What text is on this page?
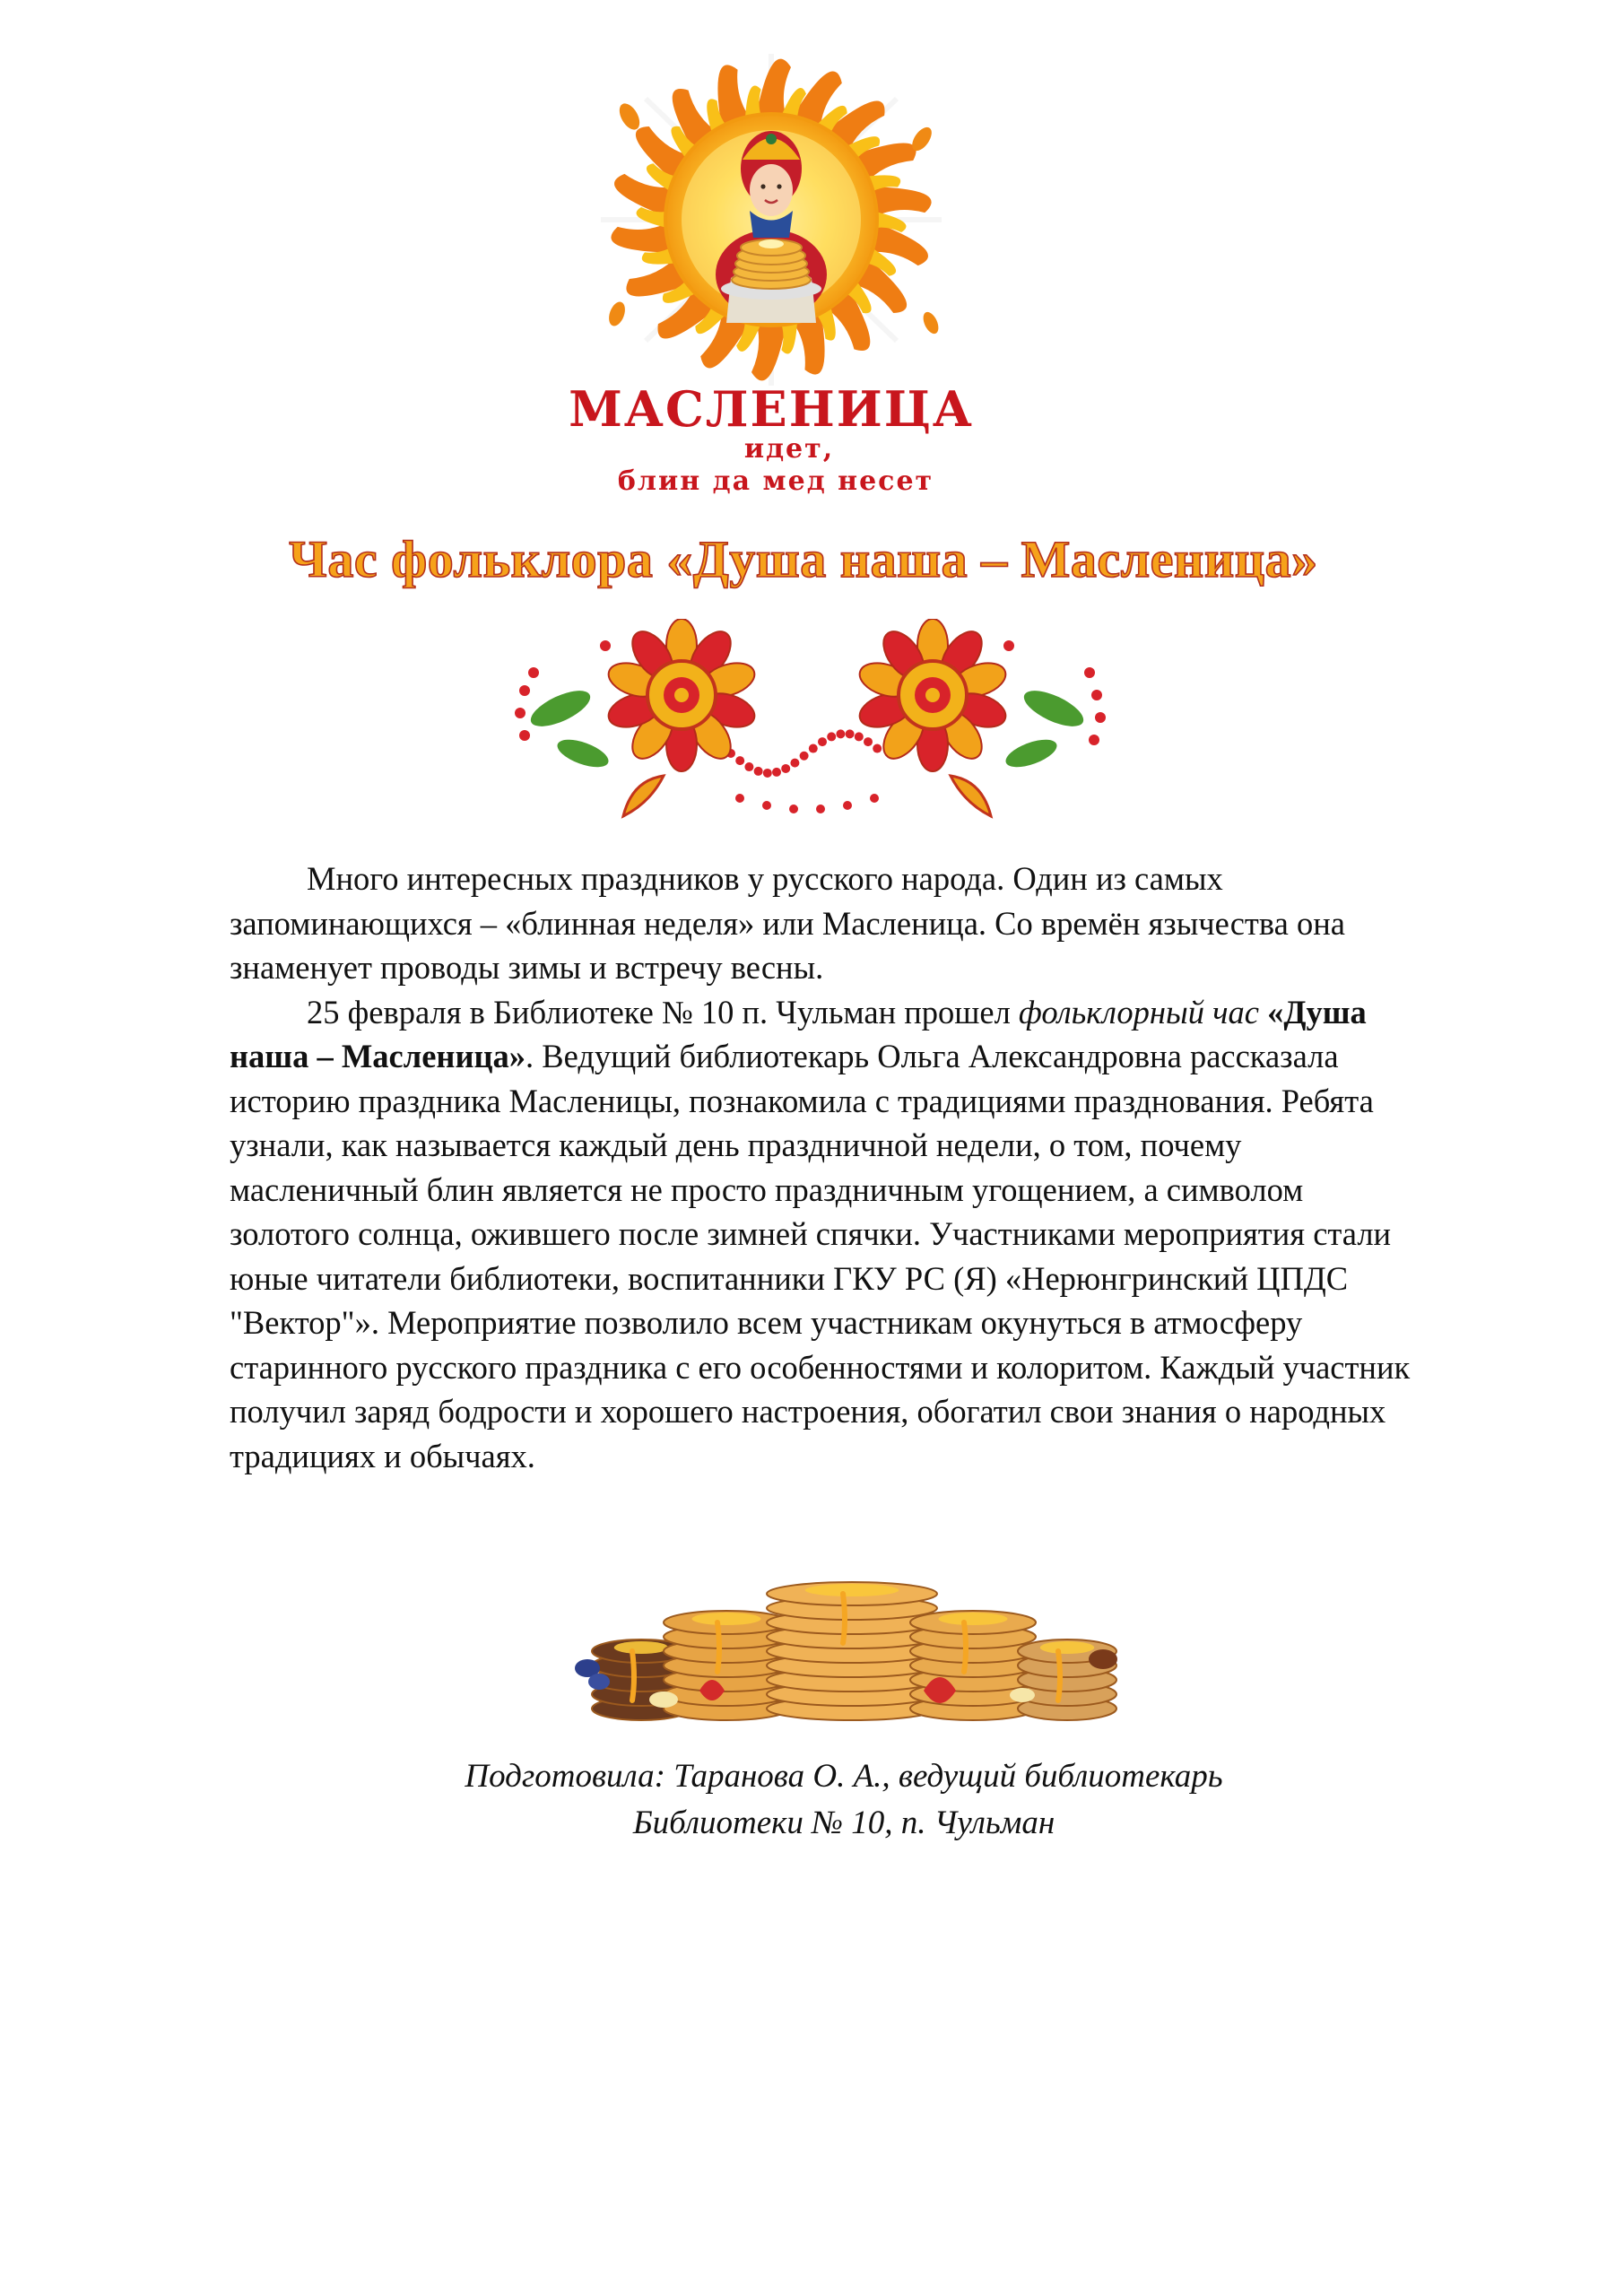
МАСЛЕНИЦА
идет,
блин да мед несет
Час фольклора «Душа наша – Масленица»

Много интересных праздников у русского народа. Один из самых запоминающихся – «блинная неделя» или Масленица. Со времён язычества она знаменует проводы зимы и встречу весны.

25 февраля в Библиотеке № 10 п. Чульман прошел фольклорный час «Душа наша – Масленица». Ведущий библиотекарь Ольга Александровна рассказала историю праздника Масленицы, познакомила с традициями празднования. Ребята узнали, как называется каждый день праздничной недели, о том, почему масленичный блин является не просто праздничным угощением, а символом золотого солнца, ожившего после зимней спячки. Участниками мероприятия стали юные читатели библиотеки, воспитанники ГКУ РС (Я) «Нерюнгринский ЦПДС "Вектор"». Мероприятие позволило всем участникам окунуться в атмосферу старинного русского праздника с его особенностями и колоритом. Каждый участник получил заряд бодрости и хорошего настроения, обогатил свои знания о народных традициях и обычаях.

Подготовила: Таранова О. А., ведущий библиотекарь
Библиотеки № 10, п. Чульман
